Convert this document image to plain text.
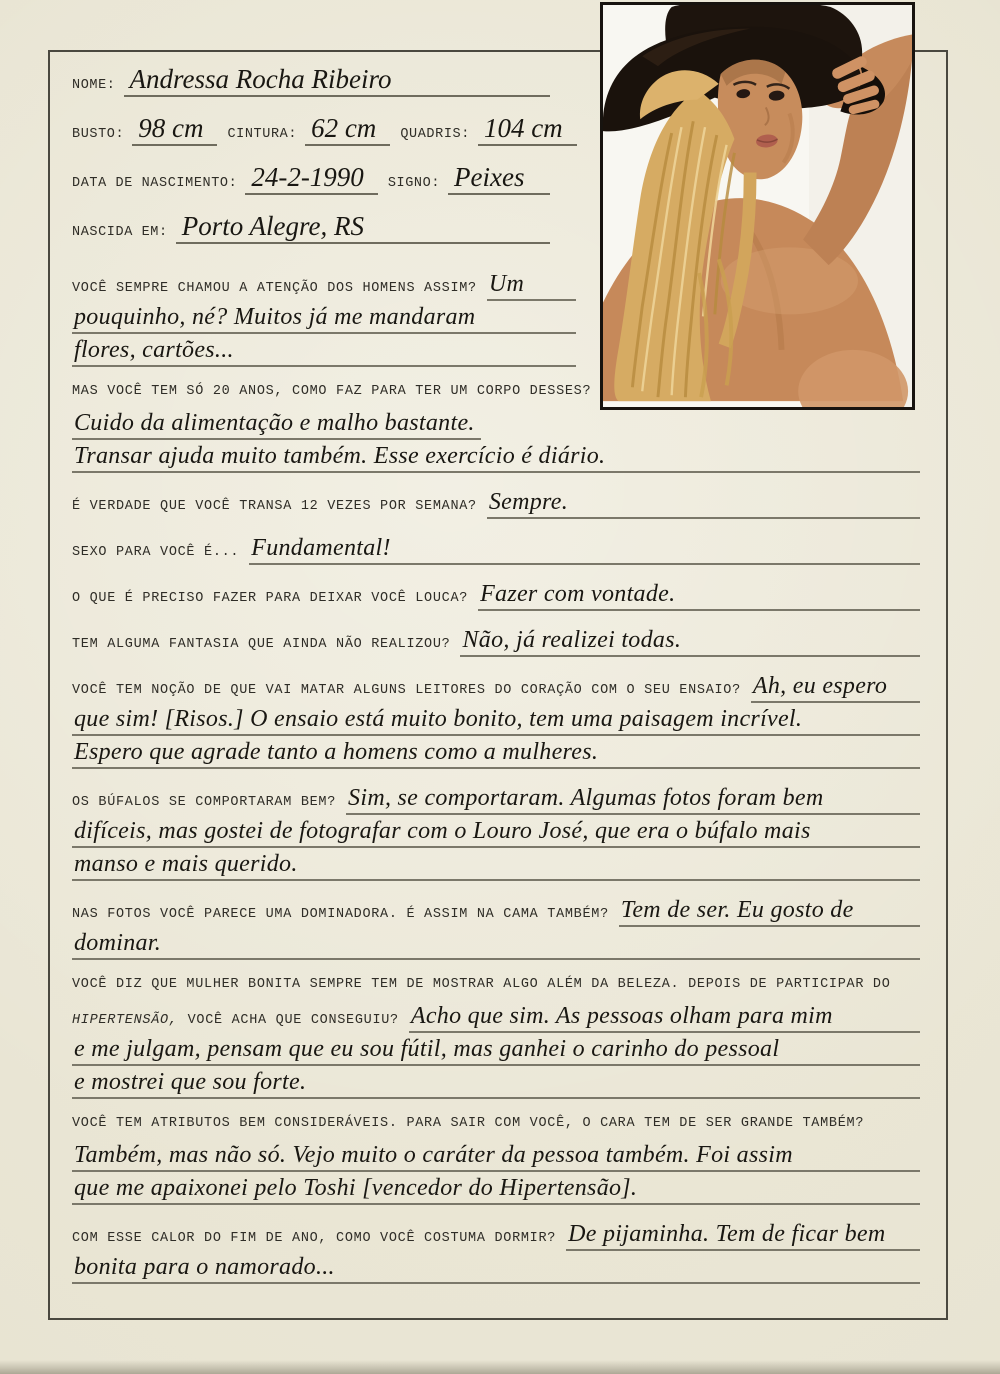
NOME: Andressa Rocha Ribeiro
BUSTO: 98 cm	CINTURA: 62 cm	QUADRIS: 104 cm
DATA DE NASCIMENTO: 24-2-1990	SIGNO: Peixes
NASCIDA EM: Porto Alegre, RS
VOCÊ SEMPRE CHAMOU A ATENÇÃO DOS HOMENS ASSIM? Um
pouquinho, né? Muitos já me mandaram
flores, cartões...
MAS VOCÊ TEM SÓ 20 ANOS, COMO FAZ PARA TER UM CORPO DESSES?
Cuido da alimentação e malho bastante.
Transar ajuda muito também. Esse exercício é diário.
É VERDADE QUE VOCÊ TRANSA 12 VEZES POR SEMANA? Sempre.
SEXO PARA VOCÊ É... Fundamental!
O QUE É PRECISO FAZER PARA DEIXAR VOCÊ LOUCA? Fazer com vontade.
TEM ALGUMA FANTASIA QUE AINDA NÃO REALIZOU? Não, já realizei todas.
VOCÊ TEM NOÇÃO DE QUE VAI MATAR ALGUNS LEITORES DO CORAÇÃO COM O SEU ENSAIO? Ah, eu espero
que sim! [Risos.] O ensaio está muito bonito, tem uma paisagem incrível.
Espero que agrade tanto a homens como a mulheres.
OS BÚFALOS SE COMPORTARAM BEM? Sim, se comportaram. Algumas fotos foram bem
difíceis, mas gostei de fotografar com o Louro José, que era o búfalo mais
manso e mais querido.
NAS FOTOS VOCÊ PARECE UMA DOMINADORA. É ASSIM NA CAMA TAMBÉM? Tem de ser. Eu gosto de
dominar.
VOCÊ DIZ QUE MULHER BONITA SEMPRE TEM DE MOSTRAR ALGO ALÉM DA BELEZA. DEPOIS DE PARTICIPAR DO
HIPERTENSÃO, VOCÊ ACHA QUE CONSEGUIU? Acho que sim. As pessoas olham para mim
e me julgam, pensam que eu sou fútil, mas ganhei o carinho do pessoal
e mostrei que sou forte.
VOCÊ TEM ATRIBUTOS BEM CONSIDERÁVEIS. PARA SAIR COM VOCÊ, O CARA TEM DE SER GRANDE TAMBÉM?
Também, mas não só. Vejo muito o caráter da pessoa também. Foi assim
que me apaixonei pelo Toshi [vencedor do Hipertensão].
COM ESSE CALOR DO FIM DE ANO, COMO VOCÊ COSTUMA DORMIR? De pijaminha. Tem de ficar bem
bonita para o namorado...
